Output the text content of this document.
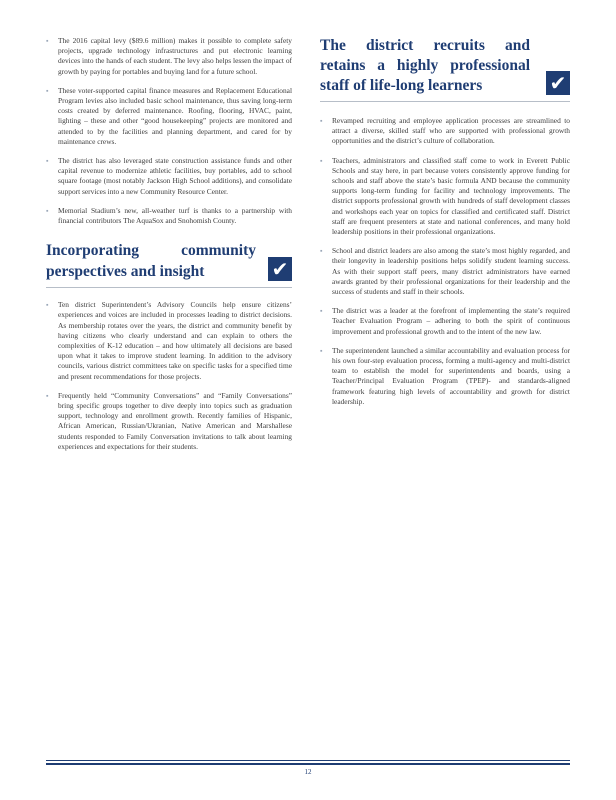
▪ The 2016 capital levy ($89.6 million) makes it possible to complete safety projects, upgrade technology infrastructures and put electronic learning devices into the hands of each student. The levy also helps lessen the impact of growth by paying for portables and buying land for a future school.

▪ These voter-supported capital finance measures and Replacement Educational Program levies also included basic school maintenance, thus saving long-term costs created by deferred maintenance. Roofing, flooring, HVAC, paint, lighting – these and other “good housekeeping” projects are monitored and attended to by the facilities and planning department, and cared for by maintenance crews.

▪ The district has also leveraged state construction assistance funds and other capital revenue to modernize athletic facilities, buy portables, add to school square footage (most notably Jackson High School additions), and consolidate support services into a new Community Resource Center.

▪ Memorial Stadium’s new, all-weather turf is thanks to a partnership with financial contributors The AquaSox and Snohomish County.

Incorporating community perspectives and insight	✔

▪ Ten district Superintendent’s Advisory Councils help ensure citizens’ experiences and voices are included in processes leading to district decisions. As membership rotates over the years, the district and community benefit by having citizens who clearly understand and can explain to others the complexities of K-12 education – and how ultimately all decisions are based upon what it takes to improve student learning. In addition to the advisory councils, various district committees take on specific tasks for a specified time and present recommendations for those projects.

▪ Frequently held “Community Conversations” and “Family Conversations” bring specific groups together to dive deeply into topics such as graduation support, technology and enrollment growth. Recently families of Hispanic, African American, Russian/Ukranian, Native American and Marshallese students responded to Family Conversation invitations to talk about learning experiences and expectations for their students.

The district recruits and retains a highly professional staff of life-long learners	✔

▪ Revamped recruiting and employee application processes are streamlined to attract a diverse, skilled staff who are supported with professional growth opportunities and the district’s culture of collaboration.

▪ Teachers, administrators and classified staff come to work in Everett Public Schools and stay here, in part because voters consistently approve funding for schools and staff above the state’s basic formula AND because the community supports long-term funding for facility and technology improvements. The district supports professional growth with hundreds of staff development classes and workshops each year on topics for classified and certificated staff. District staff are frequent presenters at state and national conferences, and many hold leadership positions in their professional organizations.

▪ School and district leaders are also among the state’s most highly regarded, and their longevity in leadership positions helps solidify student learning success. As with their support staff peers, many district administrators have earned awards granted by their professional organizations for their leadership and the success of students and staff in their schools.

▪ The district was a leader at the forefront of implementing the state’s required Teacher Evaluation Program – adhering to both the spirit of continuous improvement and professional growth and to the intent of the new law.

▪ The superintendent launched a similar accountability and evaluation process for his own four-step evaluation process, forming a multi-agency and multi-district team to establish the model for superintendents and boards, using a Teacher/Principal Evaluation Program (TPEP)- and standards-aligned framework featuring high levels of accountability and growth for district leadership.

12
